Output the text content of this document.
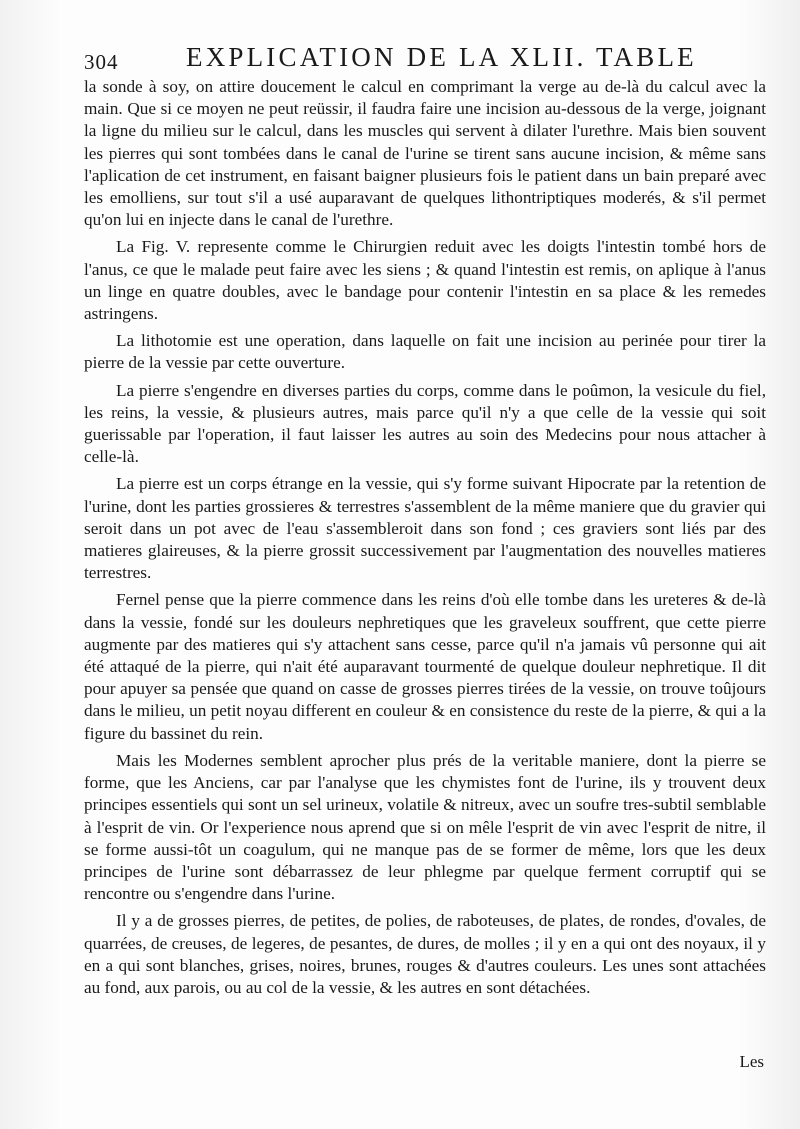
304	EXPLICATION DE LA XLII. TABLE

la sonde à soy, on attire doucement le calcul en comprimant la verge au de-là du calcul avec la main. Que si ce moyen ne peut reüssir, il faudra faire une incision au-dessous de la verge, joignant la ligne du milieu sur le calcul, dans les muscles qui servent à dilater l'urethre. Mais bien souvent les pierres qui sont tombées dans le canal de l'urine se tirent sans aucune incision, & même sans l'aplication de cet instrument, en faisant baigner plusieurs fois le patient dans un bain preparé avec les emolliens, sur tout s'il a usé auparavant de quelques lithontriptiques moderés, & s'il permet qu'on lui en injecte dans le canal de l'urethre.

La Fig. V. represente comme le Chirurgien reduit avec les doigts l'intestin tombé hors de l'anus, ce que le malade peut faire avec les siens ; & quand l'intestin est remis, on aplique à l'anus un linge en quatre doubles, avec le bandage pour contenir l'intestin en sa place & les remedes astringens.

La lithotomie est une operation, dans laquelle on fait une incision au perinée pour tirer la pierre de la vessie par cette ouverture.

La pierre s'engendre en diverses parties du corps, comme dans le poûmon, la vesicule du fiel, les reins, la vessie, & plusieurs autres, mais parce qu'il n'y a que celle de la vessie qui soit guerissable par l'operation, il faut laisser les autres au soin des Medecins pour nous attacher à celle-là.

La pierre est un corps étrange en la vessie, qui s'y forme suivant Hipocrate par la retention de l'urine, dont les parties grossieres & terrestres s'assemblent de la même maniere que du gravier qui seroit dans un pot avec de l'eau s'assembleroit dans son fond ; ces graviers sont liés par des matieres glaireuses, & la pierre grossit successivement par l'augmentation des nouvelles matieres terrestres.

Fernel pense que la pierre commence dans les reins d'où elle tombe dans les ureteres & de-là dans la vessie, fondé sur les douleurs nephretiques que les graveleux souffrent, que cette pierre augmente par des matieres qui s'y attachent sans cesse, parce qu'il n'a jamais vû personne qui ait été attaqué de la pierre, qui n'ait été auparavant tourmenté de quelque douleur nephretique. Il dit pour apuyer sa pensée que quand on casse de grosses pierres tirées de la vessie, on trouve toûjours dans le milieu, un petit noyau different en couleur & en consistence du reste de la pierre, & qui a la figure du bassinet du rein.

Mais les Modernes semblent aprocher plus prés de la veritable maniere, dont la pierre se forme, que les Anciens, car par l'analyse que les chymistes font de l'urine, ils y trouvent deux principes essentiels qui sont un sel urineux, volatile & nitreux, avec un soufre tres-subtil semblable à l'esprit de vin. Or l'experience nous aprend que si on mêle l'esprit de vin avec l'esprit de nitre, il se forme aussi-tôt un coagulum, qui ne manque pas de se former de même, lors que les deux principes de l'urine sont débarrassez de leur phlegme par quelque ferment corruptif qui se rencontre ou s'engendre dans l'urine.

Il y a de grosses pierres, de petites, de polies, de raboteuses, de plates, de rondes, d'ovales, de quarrées, de creuses, de legeres, de pesantes, de dures, de molles ; il y en a qui ont des noyaux, il y en a qui sont blanches, grises, noires, brunes, rouges & d'autres couleurs. Les unes sont attachées au fond, aux parois, ou au col de la vessie, & les autres en sont détachées.

Les
